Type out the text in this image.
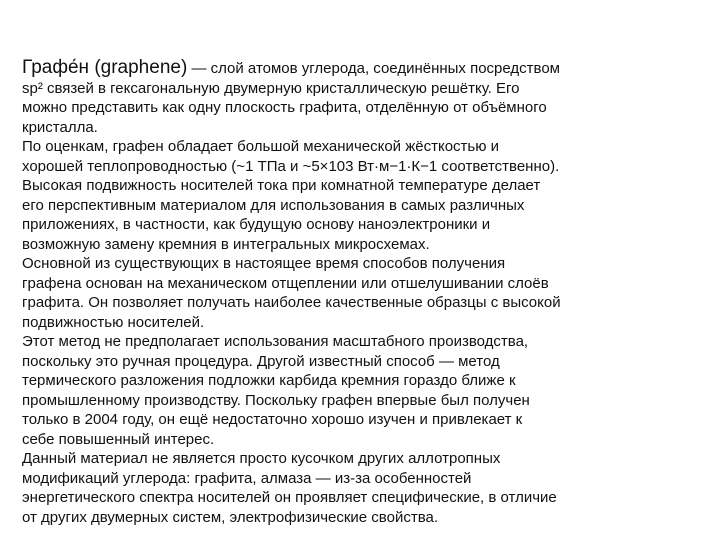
Графе́н (graphene) — слой атомов углерода, соединённых посредством
sp² связей в гексагональную двумерную кристаллическую решётку. Его
можно представить как одну плоскость графита, отделённую от объёмного
кристалла.
По оценкам, графен обладает большой механической жёсткостью и
хорошей теплопроводностью (~1 ТПа и ~5×103 Вт·м−1·К−1 соответственно).
Высокая подвижность носителей тока при комнатной температуре делает
его перспективным материалом для использования в самых различных
приложениях, в частности, как будущую основу наноэлектроники и
возможную замену кремния в интегральных микросхемах.
Основной из существующих в настоящее время способов получения
графена основан на механическом отщеплении или отшелушивании слоёв
графита. Он позволяет получать наиболее качественные образцы с высокой
подвижностью носителей.
Этот метод не предполагает использования масштабного производства,
поскольку это ручная процедура. Другой известный способ — метод
термического разложения подложки карбида кремния гораздо ближе к
промышленному производству. Поскольку графен впервые был получен
только в 2004 году, он ещё недостаточно хорошо изучен и привлекает к
себе повышенный интерес.
Данный материал не является просто кусочком других аллотропных
модификаций углерода: графита, алмаза — из-за особенностей
энергетического спектра носителей он проявляет специфические, в отличие
от других двумерных систем, электрофизические свойства.
